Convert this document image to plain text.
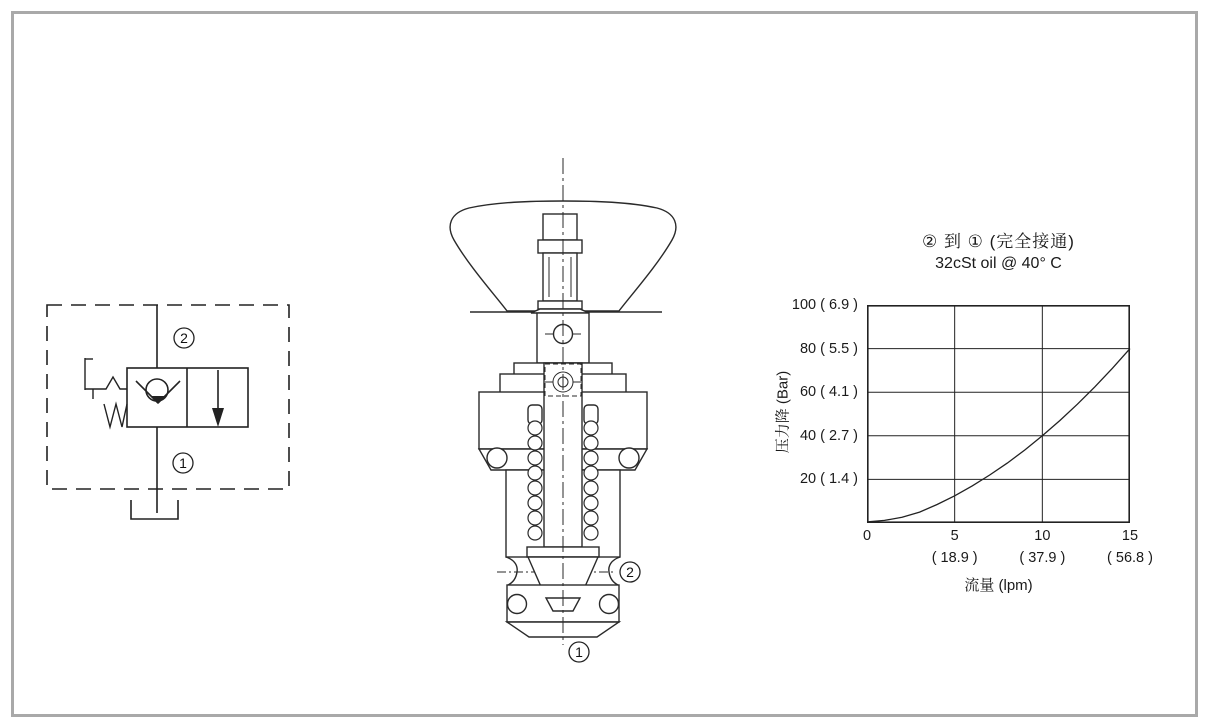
2
1
2
1
② 到 ① (完全接通)
32cSt oil @ 40° C
压力降 (Bar)
100 ( 6.9 )
80 ( 5.5 )
60 ( 4.1 )
40 ( 2.7 )
20 ( 1.4 )
0	5
( 18.9 )
10
( 37.9 )
15
( 56.8 )
流量 (lpm)
